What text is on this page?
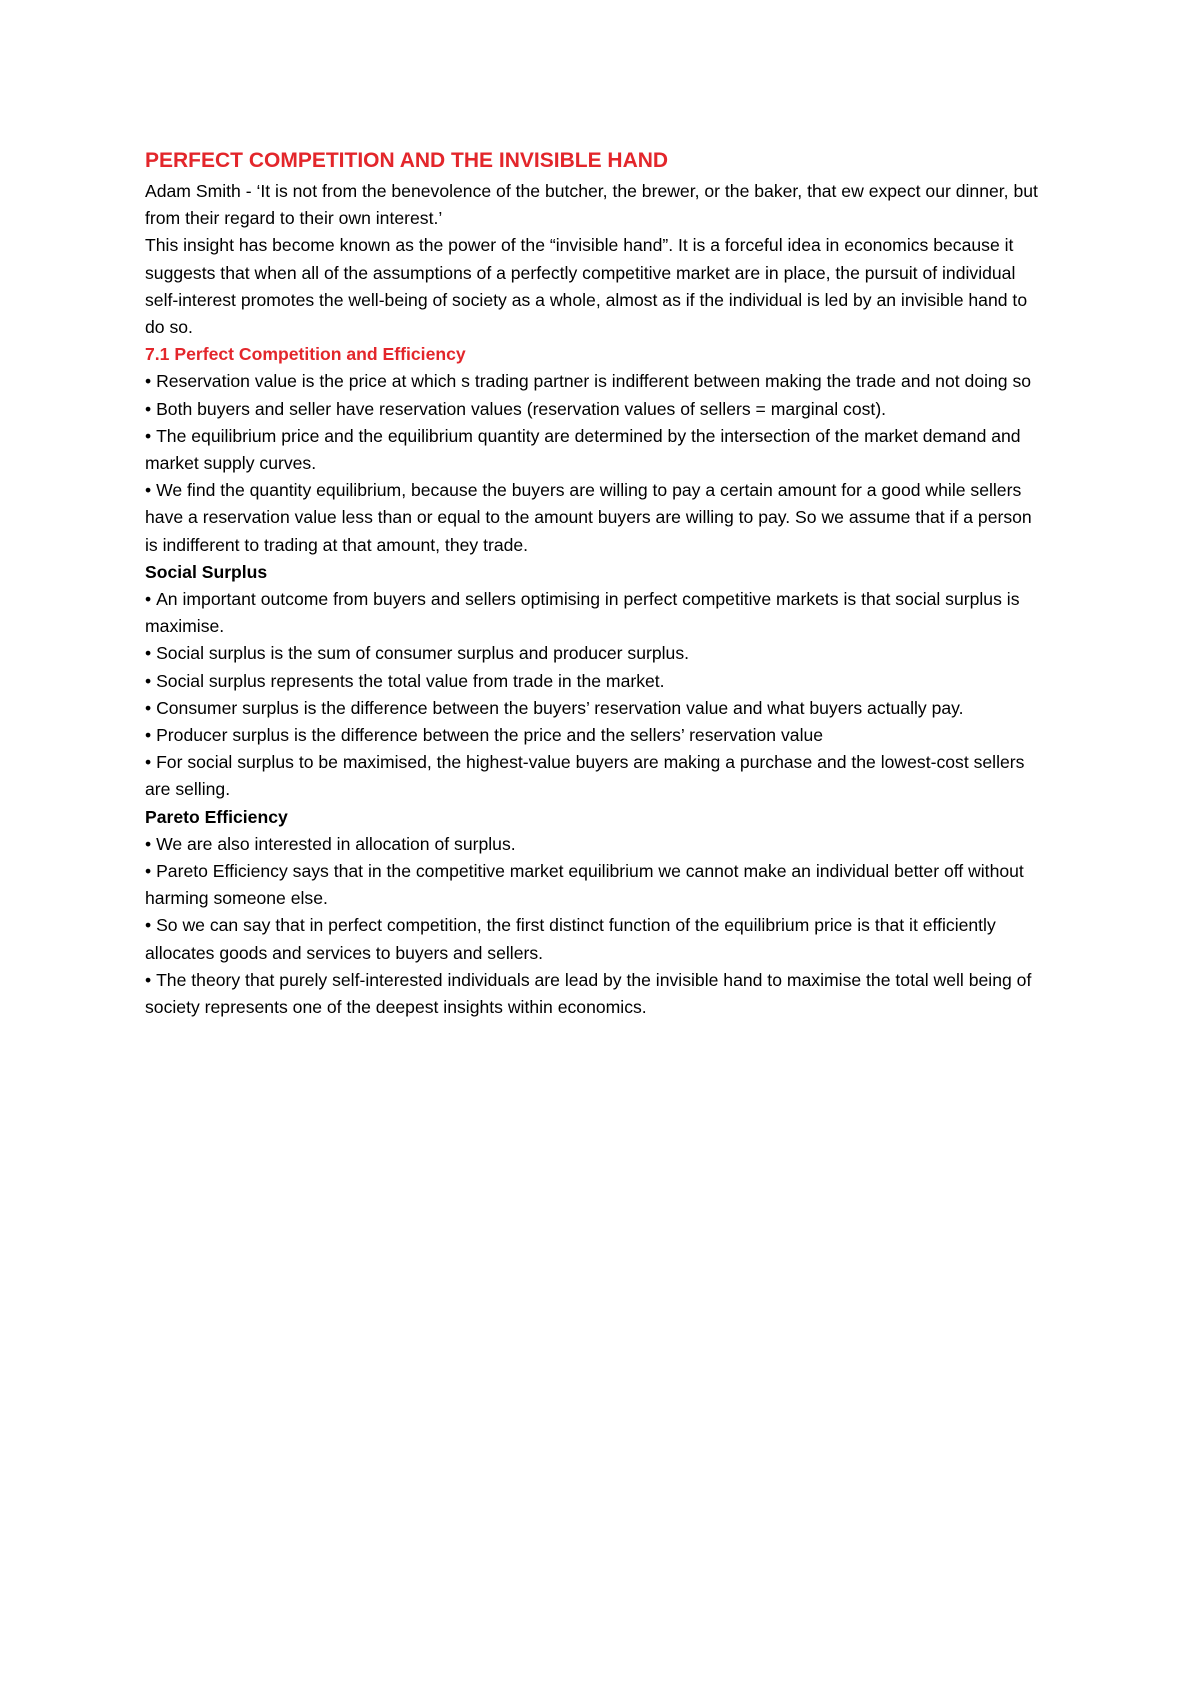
PERFECT COMPETITION AND THE INVISIBLE HAND

Adam Smith - ‘It is not from the benevolence of the butcher, the brewer, or the baker, that ew expect our dinner, but from their regard to their own interest.’

This insight has become known as the power of the “invisible hand”. It is a forceful idea in economics because it suggests that when all of the assumptions of a perfectly competitive market are in place, the pursuit of individual self-interest promotes the well-being of society as a whole, almost as if the individual is led by an invisible hand to do so.

7.1 Perfect Competition and Efficiency

• Reservation value is the price at which s trading partner is indifferent between making the trade and not doing so

• Both buyers and seller have reservation values (reservation values of sellers = marginal cost).

• The equilibrium price and the equilibrium quantity are determined by the intersection of the market demand and market supply curves.

• We find the quantity equilibrium, because the buyers are willing to pay a certain amount for a good while sellers have a reservation value less than or equal to the amount buyers are willing to pay. So we assume that if a person is indifferent to trading at that amount, they trade.

Social Surplus

• An important outcome from buyers and sellers optimising in perfect competitive markets is that social surplus is maximise.

• Social surplus is the sum of consumer surplus and producer surplus.

• Social surplus represents the total value from trade in the market.

• Consumer surplus is the difference between the buyers’ reservation value and what buyers actually pay.

• Producer surplus is the difference between the price and the sellers’ reservation value

• For social surplus to be maximised, the highest-value buyers are making a purchase and the lowest-cost sellers are selling.

Pareto Efficiency

• We are also interested in allocation of surplus.

• Pareto Efficiency says that in the competitive market equilibrium we cannot make an individual better off without harming someone else.

• So we can say that in perfect competition, the first distinct function of the equilibrium price is that it efficiently allocates goods and services to buyers and sellers.

• The theory that purely self-interested individuals are lead by the invisible hand to maximise the total well being of society represents one of the deepest insights within economics.
